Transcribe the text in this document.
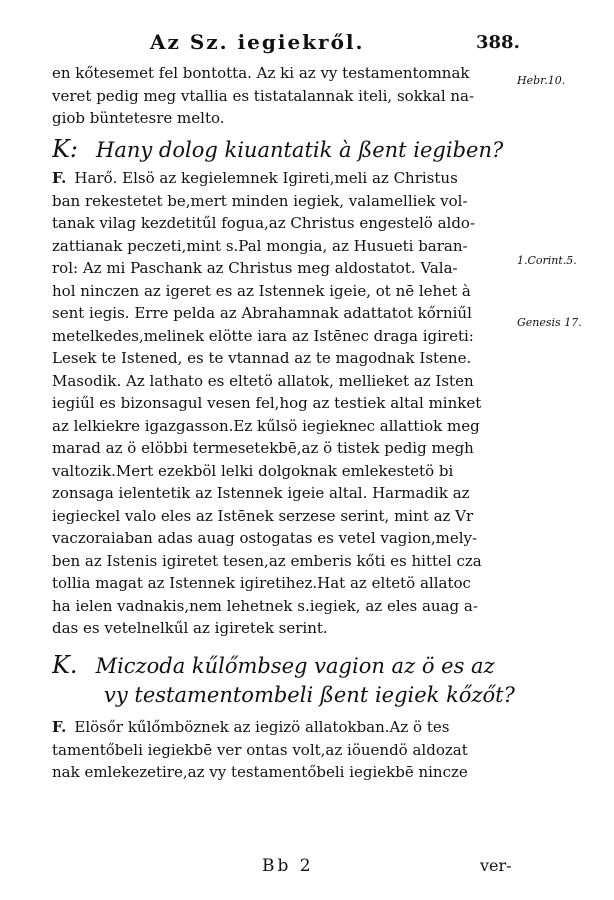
Az Sz. iegiekről.	388.
en kőtesemet fel bontotta. Az ki az vy testamentomnak
veret pedig meg vtallia es tistatalannak iteli, sokkal na-
giob büntetesre melto.
K: Hany dolog kiuantatik à ßent iegiben?
F. Harő. Elsö az kegielemnek Igireti,meli az Christus
ban rekestetet be,mert minden iegiek, valamelliek vol-
tanak vilag kezdetitűl fogua,az Christus engestelö aldo-
zattianak peczeti,mint s.Pal mongia, az Husueti baran-
rol: Az mi Paschank az Christus meg aldostatot. Vala-
hol ninczen az igeret es az Istennek igeie, ot nē lehet à
sent iegis. Erre pelda az Abrahamnak adattatot kőrniűl
metelkedes,melinek elötte iara az Istēnec draga igireti:
Lesek te Istened, es te vtannad az te magodnak Istene.
Masodik. Az lathato es eltetö allatok, mellieket az Isten
iegiűl es bizonsagul vesen fel,hog az testiek altal minket
az lelkiekre igazgasson.Ez kűlsö iegieknec allattiok meg
marad az ö elöbbi termesetekbē,az ö tistek pedig megh
valtozik.Mert ezekböl lelki dolgoknak emlekestetö bi
zonsaga ielentetik az Istennek igeie altal. Harmadik az
iegieckel valo eles az Istēnek serzese serint, mint az Vr
vaczoraiaban adas auag ostogatas es vetel vagion,mely-
ben az Istenis igiretet tesen,az emberis kőti es hittel cza
tollia magat az Istennek igiretihez.Hat az eltetö allatoc
ha ielen vadnakis,nem lehetnek s.iegiek, az eles auag a-
das es vetelnelkűl az igiretek serint.
K. Miczoda kűlőmbseg vagion az ö es az
vy testamentombeli ßent iegiek kőzőt?
F. Elösőr kűlőmböznek az iegizö allatokban.Az ö tes
tamentőbeli iegiekbē ver ontas volt,az iöuendö aldozat
nak emlekezetire,az vy testamentőbeli iegiekbē nincze
Hebr.10.
1.Corint.5.
Genesis 17.
Bb 2	ver-
